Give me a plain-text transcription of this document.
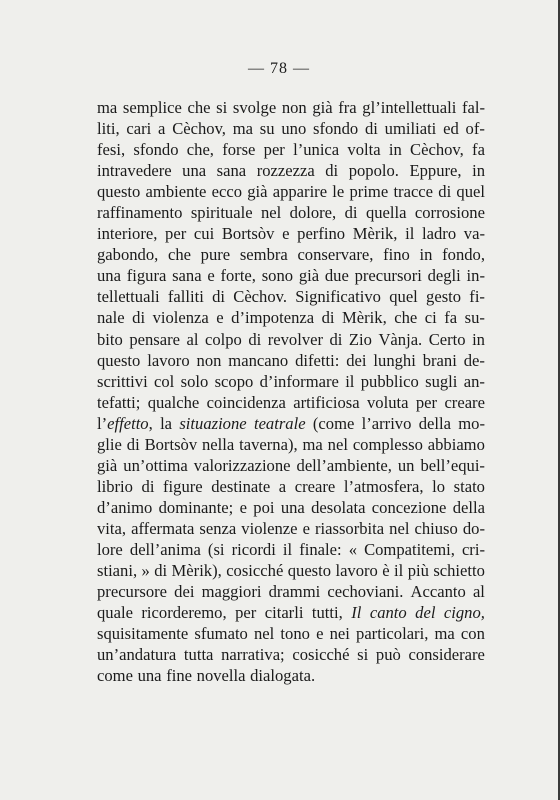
— 78 —
ma semplice che si svolge non già fra gl’intellettuali fal-
liti, cari a Cèchov, ma su uno sfondo di umiliati ed of-
fesi, sfondo che, forse per l’unica volta in Cèchov, fa
intravedere una sana rozzezza di popolo. Eppure, in
questo ambiente ecco già apparire le prime tracce di quel
raffinamento spirituale nel dolore, di quella corrosione
interiore, per cui Bortsòv e perfino Mèrik, il ladro va-
gabondo, che pure sembra conservare, fino in fondo,
una figura sana e forte, sono già due precursori degli in-
tellettuali falliti di Cèchov. Significativo quel gesto fi-
nale di violenza e d’impotenza di Mèrik, che ci fa su-
bito pensare al colpo di revolver di Zio Vànja. Certo in
questo lavoro non mancano difetti: dei lunghi brani de-
scrittivi col solo scopo d’informare il pubblico sugli an-
tefatti; qualche coincidenza artificiosa voluta per creare
l’effetto, la situazione teatrale (come l’arrivo della mo-
glie di Bortsòv nella taverna), ma nel complesso abbiamo
già un’ottima valorizzazione dell’ambiente, un bell’equi-
librio di figure destinate a creare l’atmosfera, lo stato
d’animo dominante; e poi una desolata concezione della
vita, affermata senza violenze e riassorbita nel chiuso do-
lore dell’anima (si ricordi il finale: « Compatitemi, cri-
stiani, » di Mèrik), cosicché questo lavoro è il più schietto
precursore dei maggiori drammi cechoviani. Accanto al
quale ricorderemo, per citarli tutti, Il canto del cigno,
squisitamente sfumato nel tono e nei particolari, ma con
un’andatura tutta narrativa; cosicché si può considerare
come una fine novella dialogata.
